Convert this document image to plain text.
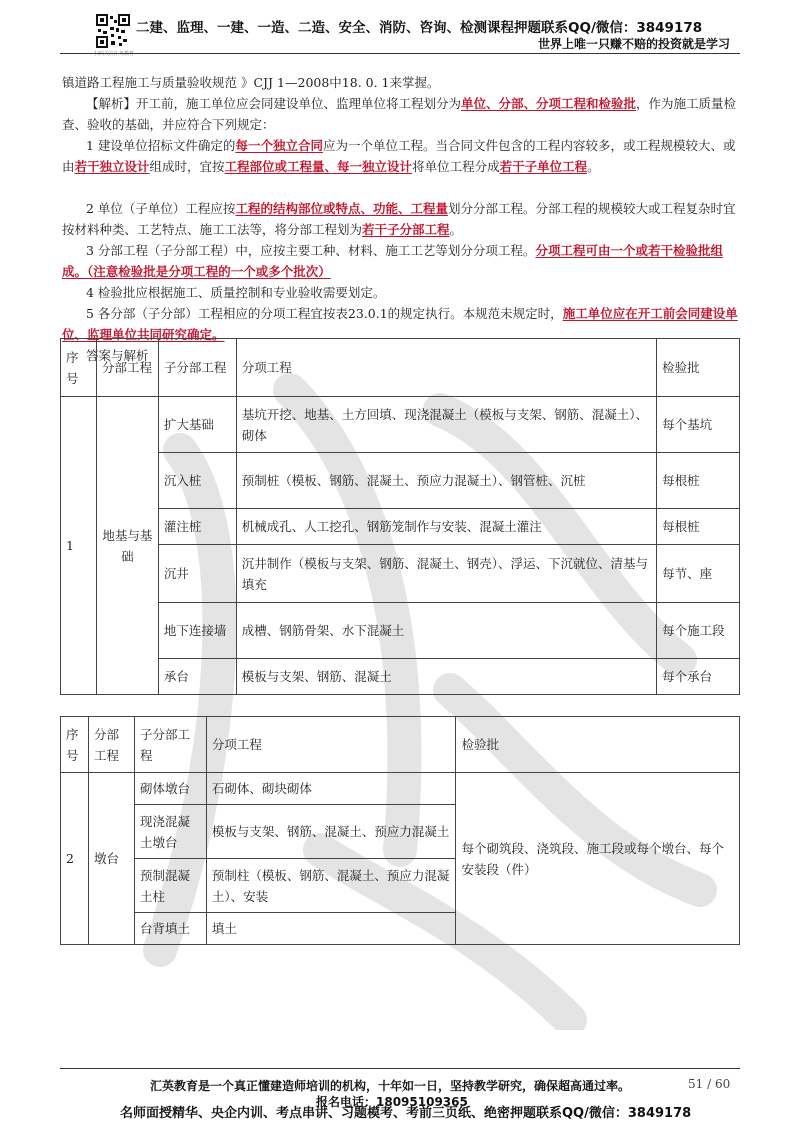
扫码关注汇英教育
二建、监理、一建、一造、二造、安全、消防、咨询、检测课程押题联系QQ/微信：3849178
世界上唯一只赚不赔的投资就是学习
镇道路工程施工与质量验收规范 》CJJ 1—2008中18. 0. 1来掌握。
【解析】开工前，施工单位应会同建设单位、监理单位将工程划分为单位、分部、分项工程和检验批，作为施工质量检查、验收的基础，并应符合下列规定：
1 建设单位招标文件确定的每一个独立合同应为一个单位工程。当合同文件包含的工程内容较多，或工程规模较大、或由若干独立设计组成时，宜按工程部位或工程量、每一独立设计将单位工程分成若干子单位工程。
2 单位（子单位）工程应按工程的结构部位或特点、功能、工程量划分分部工程。分部工程的规模较大或工程复杂时宜按材料种类、工艺特点、施工工法等，将分部工程划为若干子分部工程。
3 分部工程（子分部工程）中，应按主要工种、材料、施工工艺等划分分项工程。分项工程可由一个或若干检验批组成。（注意检验批是分项工程的一个或多个批次）
4 检验批应根据施工、质量控制和专业验收需要划定。
5 各分部（子分部）工程相应的分项工程宜按表23.0.1的规定执行。本规范未规定时，施工单位应在开工前会同建设单位、监理单位共同研究确定。
答案与解析
序号	分部工程	子分部工程	分项工程	检验批
1	地基与基础	扩大基础	基坑开挖、地基、土方回填、现浇混凝土（模板与支架、钢筋、混凝土）、砌体	每个基坑
		沉入桩	预制桩（模板、钢筋、混凝土、预应力混凝土）、钢管桩、沉桩	每根桩
		灌注桩	机械成孔、人工挖孔、钢筋笼制作与安装、混凝土灌注	每根桩
		沉井	沉井制作（模板与支架、钢筋、混凝土、钢壳）、浮运、下沉就位、清基与填充	每节、座
		地下连接墙	成槽、钢筋骨架、水下混凝土	每个施工段
		承台	模板与支架、钢筋、混凝土	每个承台
序号	分部工程	子分部工程	分项工程	检验批
2	墩台	砌体墩台	石砌体、砌块砌体	每个砌筑段、浇筑段、施工段或每个墩台、每个安装段（件）
		现浇混凝土墩台	模板与支架、钢筋、混凝土、预应力混凝土	
		预制混凝土柱	预制柱（模板、钢筋、混凝土、预应力混凝土）、安装	
		台背填土	填土	
汇英教育是一个真正懂建造师培训的机构，十年如一日，坚持教学研究，确保超高通过率。	51 / 60
报名电话：18095109365
名师面授精华、央企内训、考点串讲、习题模考、考前三页纸、绝密押题联系QQ/微信：3849178
